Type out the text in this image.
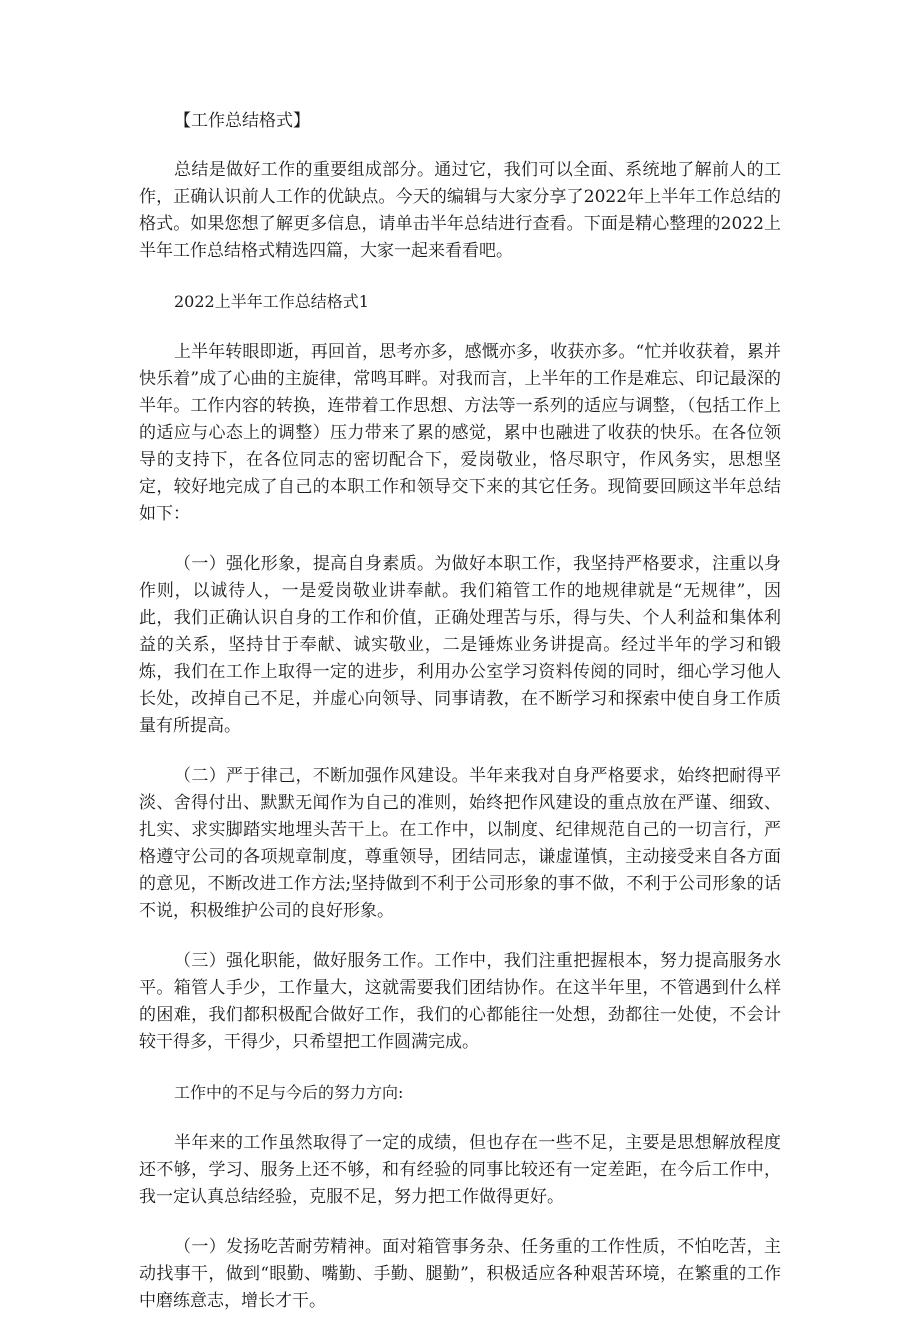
【工作总结格式】

总结是做好工作的重要组成部分。通过它，我们可以全面、系统地了解前人的工作，正确认识前人工作的优缺点。今天的编辑与大家分享了2022年上半年工作总结的格式。如果您想了解更多信息，请单击半年总结进行查看。下面是精心整理的2022上半年工作总结格式精选四篇，大家一起来看看吧。

2022上半年工作总结格式1

上半年转眼即逝，再回首，思考亦多，感慨亦多，收获亦多。“忙并收获着，累并快乐着”成了心曲的主旋律，常鸣耳畔。对我而言，上半年的工作是难忘、印记最深的半年。工作内容的转换，连带着工作思想、方法等一系列的适应与调整，（包括工作上的适应与心态上的调整）压力带来了累的感觉，累中也融进了收获的快乐。在各位领导的支持下，在各位同志的密切配合下，爱岗敬业，恪尽职守，作风务实，思想坚定，较好地完成了自己的本职工作和领导交下来的其它任务。现简要回顾这半年总结如下：

（一）强化形象，提高自身素质。为做好本职工作，我坚持严格要求，注重以身作则，以诚待人，一是爱岗敬业讲奉献。我们箱管工作的地规律就是“无规律”，因此，我们正确认识自身的工作和价值，正确处理苦与乐，得与失、个人利益和集体利益的关系，坚持甘于奉献、诚实敬业，二是锤炼业务讲提高。经过半年的学习和锻炼，我们在工作上取得一定的进步，利用办公室学习资料传阅的同时，细心学习他人长处，改掉自己不足，并虚心向领导、同事请教，在不断学习和探索中使自身工作质量有所提高。

（二）严于律己，不断加强作风建设。半年来我对自身严格要求，始终把耐得平淡、舍得付出、默默无闻作为自己的准则，始终把作风建设的重点放在严谨、细致、扎实、求实脚踏实地埋头苦干上。在工作中，以制度、纪律规范自己的一切言行，严格遵守公司的各项规章制度，尊重领导，团结同志，谦虚谨慎，主动接受来自各方面的意见，不断改进工作方法;坚持做到不利于公司形象的事不做，不利于公司形象的话不说，积极维护公司的良好形象。

（三）强化职能，做好服务工作。工作中，我们注重把握根本，努力提高服务水平。箱管人手少，工作量大，这就需要我们团结协作。在这半年里，不管遇到什么样的困难，我们都积极配合做好工作，我们的心都能往一处想，劲都往一处使，不会计较干得多，干得少，只希望把工作圆满完成。

工作中的不足与今后的努力方向:

半年来的工作虽然取得了一定的成绩，但也存在一些不足，主要是思想解放程度还不够，学习、服务上还不够，和有经验的同事比较还有一定差距，在今后工作中，我一定认真总结经验，克服不足，努力把工作做得更好。

（一）发扬吃苦耐劳精神。面对箱管事务杂、任务重的工作性质，不怕吃苦，主动找事干，做到“眼勤、嘴勤、手勤、腿勤”，积极适应各种艰苦环境，在繁重的工作中磨练意志，增长才干。
